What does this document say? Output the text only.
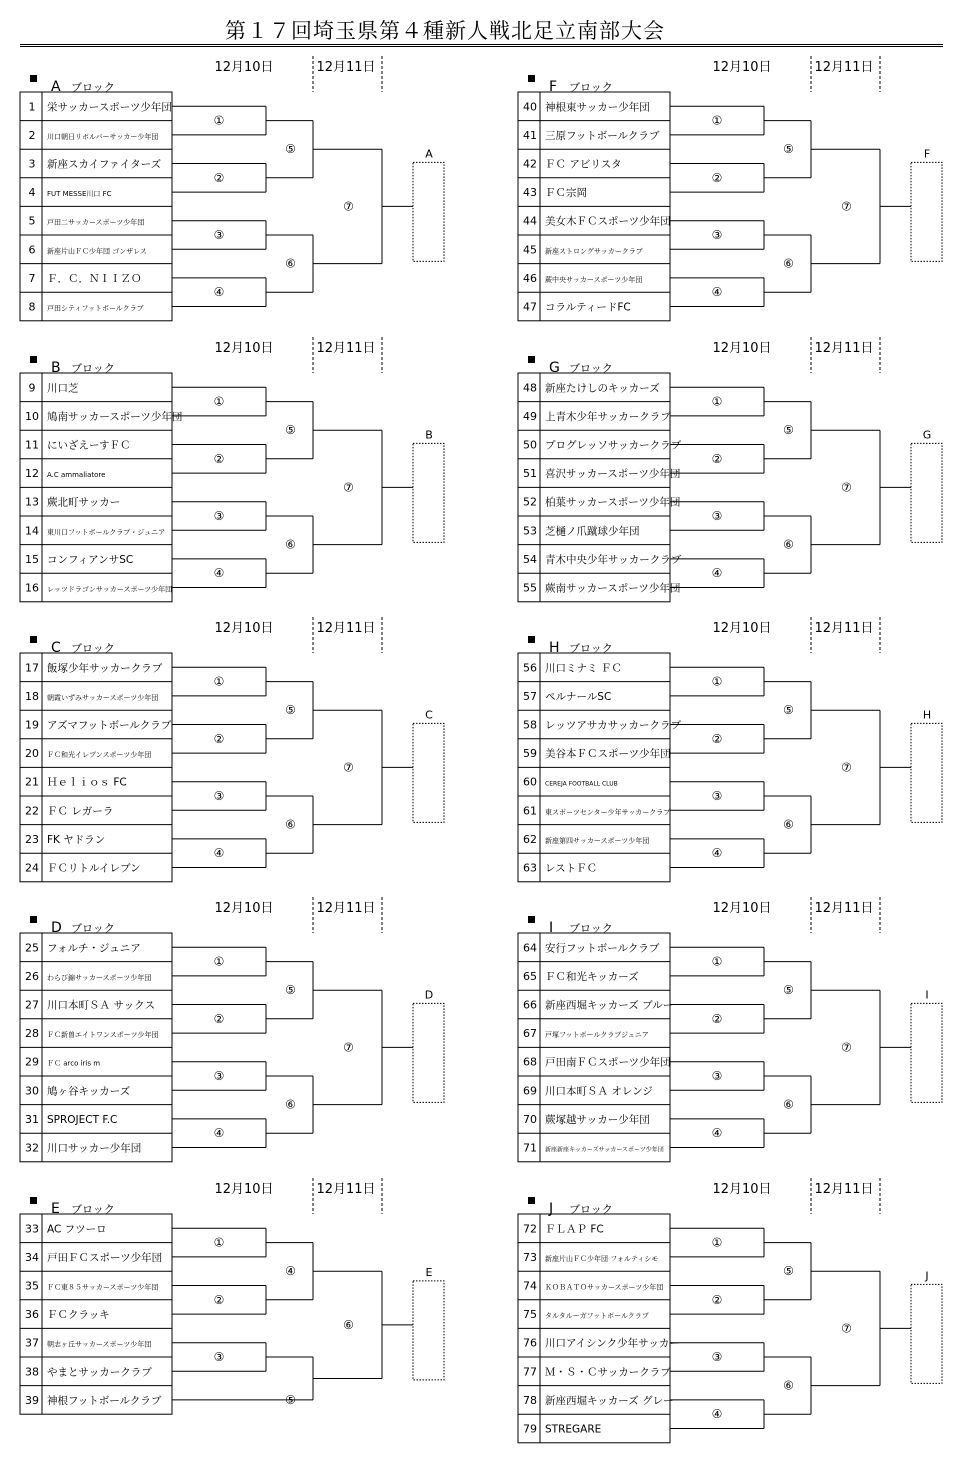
第１７回埼玉県第４種新人戦北足立南部大会
A ブロック
12月10日	12月11日
1 栄サッカースポーツ少年団
2 川口朝日リボルバーサッカー少年団
3 新座スカイファイターズ
4 FUT MESSE川口 FC
5 戸田二サッカースポーツ少年団
6 新座片山ＦＣ少年団 ゴンザレス
7 Ｆ．Ｃ．ＮＩＩＺＯ
8 戸田シティフットボールクラブ
①
②
③
④
⑤
⑥
⑦
A
F ブロック
12月10日	12月11日
40 神根東サッカー少年団
41 三原フットボールクラブ
42 ＦＣ アビリスタ
43 ＦＣ宗岡
44 美女木ＦＣスポーツ少年団
45 新座ストロングサッカークラブ
46 蕨中央サッカースポーツ少年団
47 コラルティードFC
①
②
③
④
⑤
⑥
⑦
F
B ブロック
12月10日	12月11日
9 川口芝
10 鳩南サッカースポーツ少年団
11 にいざえーすＦＣ
12 A.C ammaliatore
13 蕨北町サッカー
14 東川口フットボールクラブ・ジュニア
15 コンフィアンサSC
16 レッツドラゴンサッカースポーツ少年団
①
②
③
④
⑤
⑥
⑦
B
G ブロック
12月10日	12月11日
48 新座たけしのキッカーズ
49 上青木少年サッカークラブ
50 プログレッソサッカークラブ
51 喜沢サッカースポーツ少年団
52 柏葉サッカースポーツ少年団
53 芝樋ノ爪蹴球少年団
54 青木中央少年サッカークラブ
55 蕨南サッカースポーツ少年団
①
②
③
④
⑤
⑥
⑦
G
C ブロック
12月10日	12月11日
17 飯塚少年サッカークラブ
18 朝霞いずみサッカースポーツ少年団
19 アズマフットボールクラブ
20 ＦＣ和光イレブンスポーツ少年団
21 Ｈｅｌｉｏｓ FC
22 ＦＣ レガーラ
23 FK ヤドラン
24 ＦＣリトルイレブン
①
②
③
④
⑤
⑥
⑦
C
H ブロック
12月10日	12月11日
56 川口ミナミ ＦＣ
57 ペルナールSC
58 レッツアサカサッカークラブ
59 美谷本ＦＣスポーツ少年団
60 CEREJA FOOTBALL CLUB
61 東スポーツセンター少年サッカークラブ
62 新座第四サッカースポーツ少年団
63 レストＦＣ
①
②
③
④
⑤
⑥
⑦
H
D ブロック
12月10日	12月11日
25 フォルチ・ジュニア
26 わらび錦サッカースポーツ少年団
27 川口本町ＳＡ サックス
28 ＦＣ新曽エイトワンスポーツ少年団
29 ＦＣ arco iris m
30 鳩ヶ谷キッカーズ
31 SPROJECT F.C
32 川口サッカー少年団
①
②
③
④
⑤
⑥
⑦
D
I ブロック
12月10日	12月11日
64 安行フットボールクラブ
65 ＦＣ和光キッカーズ
66 新座西堀キッカーズ ブルー
67 戸塚フットボールクラブジュニア
68 戸田南ＦＣスポーツ少年団
69 川口本町ＳＡ オレンジ
70 蕨塚越サッカー少年団
71 新座新座キッカーズサッカースポーツ少年団
①
②
③
④
⑤
⑥
⑦
I
E ブロック
12月10日	12月11日
33 AC フツーロ
34 戸田ＦＣスポーツ少年団
35 ＦＣ東８５サッカースポーツ少年団
36 ＦＣクラッキ
37 朝志ヶ丘サッカースポーツ少年団
38 やまとサッカークラブ
39 神根フットボールクラブ
①
②
③
④
⑤
⑥
E
J ブロック
12月10日	12月11日
72 ＦＬＡＰ FC
73 新座片山ＦＣ少年団 フォルティシモ
74 ＫＯＢＡＴＯサッカースポーツ少年団
75 タルタルーガフットボールクラブ
76 川口アイシンク少年サッカー
77 Ｍ・Ｓ・Ｃサッカークラブ
78 新座西堀キッカーズ グレー
79 STREGARE
①
②
③
④
⑤
⑥
⑦
J
